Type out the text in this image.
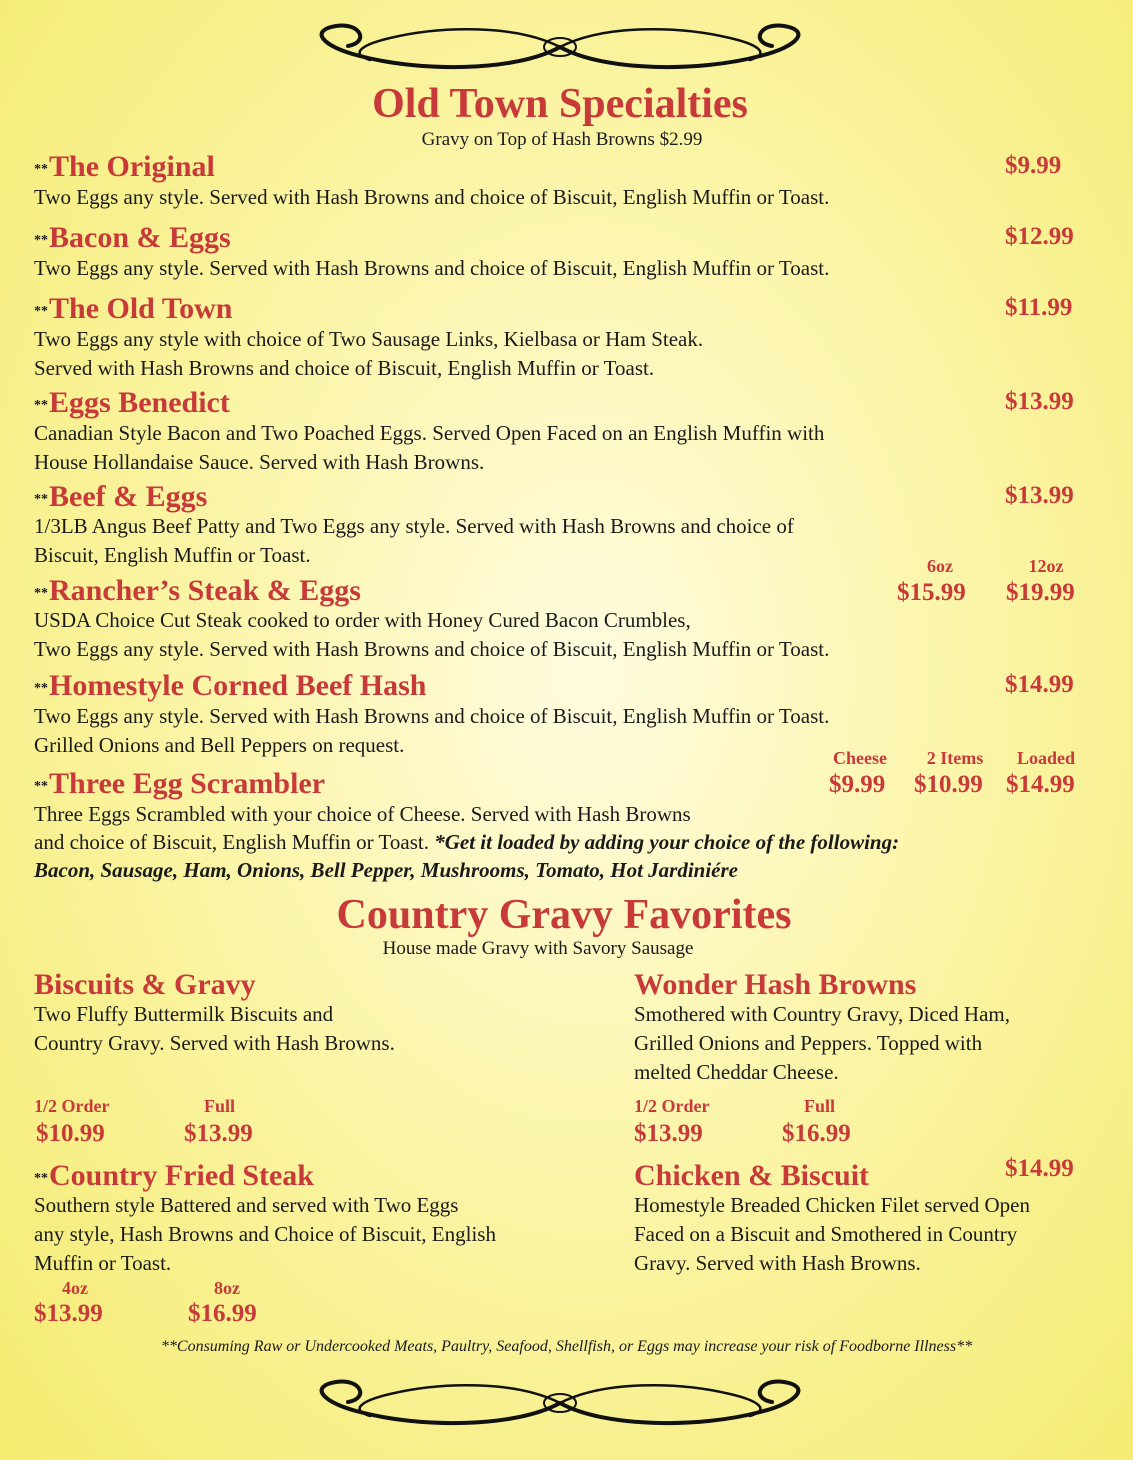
Old Town Specialties
Gravy on Top of Hash Browns $2.99
**The Original	$9.99
Two Eggs any style. Served with Hash Browns and choice of Biscuit, English Muffin or Toast.
**Bacon & Eggs	$12.99
Two Eggs any style. Served with Hash Browns and choice of Biscuit, English Muffin or Toast.
**The Old Town	$11.99
Two Eggs any style with choice of Two Sausage Links, Kielbasa or Ham Steak.
Served with Hash Browns and choice of Biscuit, English Muffin or Toast.
**Eggs Benedict	$13.99
Canadian Style Bacon and Two Poached Eggs. Served Open Faced on an English Muffin with
House Hollandaise Sauce. Served with Hash Browns.
**Beef & Eggs	$13.99
1/3LB Angus Beef Patty and Two Eggs any style. Served with Hash Browns and choice of
Biscuit, English Muffin or Toast.	6oz	12oz
**Rancher’s Steak & Eggs	$15.99 $19.99
USDA Choice Cut Steak cooked to order with Honey Cured Bacon Crumbles,
Two Eggs any style. Served with Hash Browns and choice of Biscuit, English Muffin or Toast.
**Homestyle Corned Beef Hash	$14.99
Two Eggs any style. Served with Hash Browns and choice of Biscuit, English Muffin or Toast.
Grilled Onions and Bell Peppers on request.
Cheese	2 Items	Loaded
**Three Egg Scrambler	$9.99 $10.99 $14.99
Three Eggs Scrambled with your choice of Cheese. Served with Hash Browns
and choice of Biscuit, English Muffin or Toast. *Get it loaded by adding your choice of the following:
Bacon, Sausage, Ham, Onions, Bell Pepper, Mushrooms, Tomato, Hot Jardiniére
Country Gravy Favorites
House made Gravy with Savory Sausage
Biscuits & Gravy
Two Fluffy Buttermilk Biscuits and
Country Gravy. Served with Hash Browns.
1/2 Order	Full
$10.99	$13.99
Wonder Hash Browns
Smothered with Country Gravy, Diced Ham,
Grilled Onions and Peppers. Topped with
melted Cheddar Cheese.
1/2 Order	Full
$13.99	$16.99
**Country Fried Steak
Southern style Battered and served with Two Eggs
any style, Hash Browns and Choice of Biscuit, English
Muffin or Toast.
4oz	8oz
$13.99	$16.99
Chicken & Biscuit	$14.99
Homestyle Breaded Chicken Filet served Open
Faced on a Biscuit and Smothered in Country
Gravy. Served with Hash Browns.
**Consuming Raw or Undercooked Meats, Paultry, Seafood, Shellfish, or Eggs may increase your risk of Foodborne Illness**
